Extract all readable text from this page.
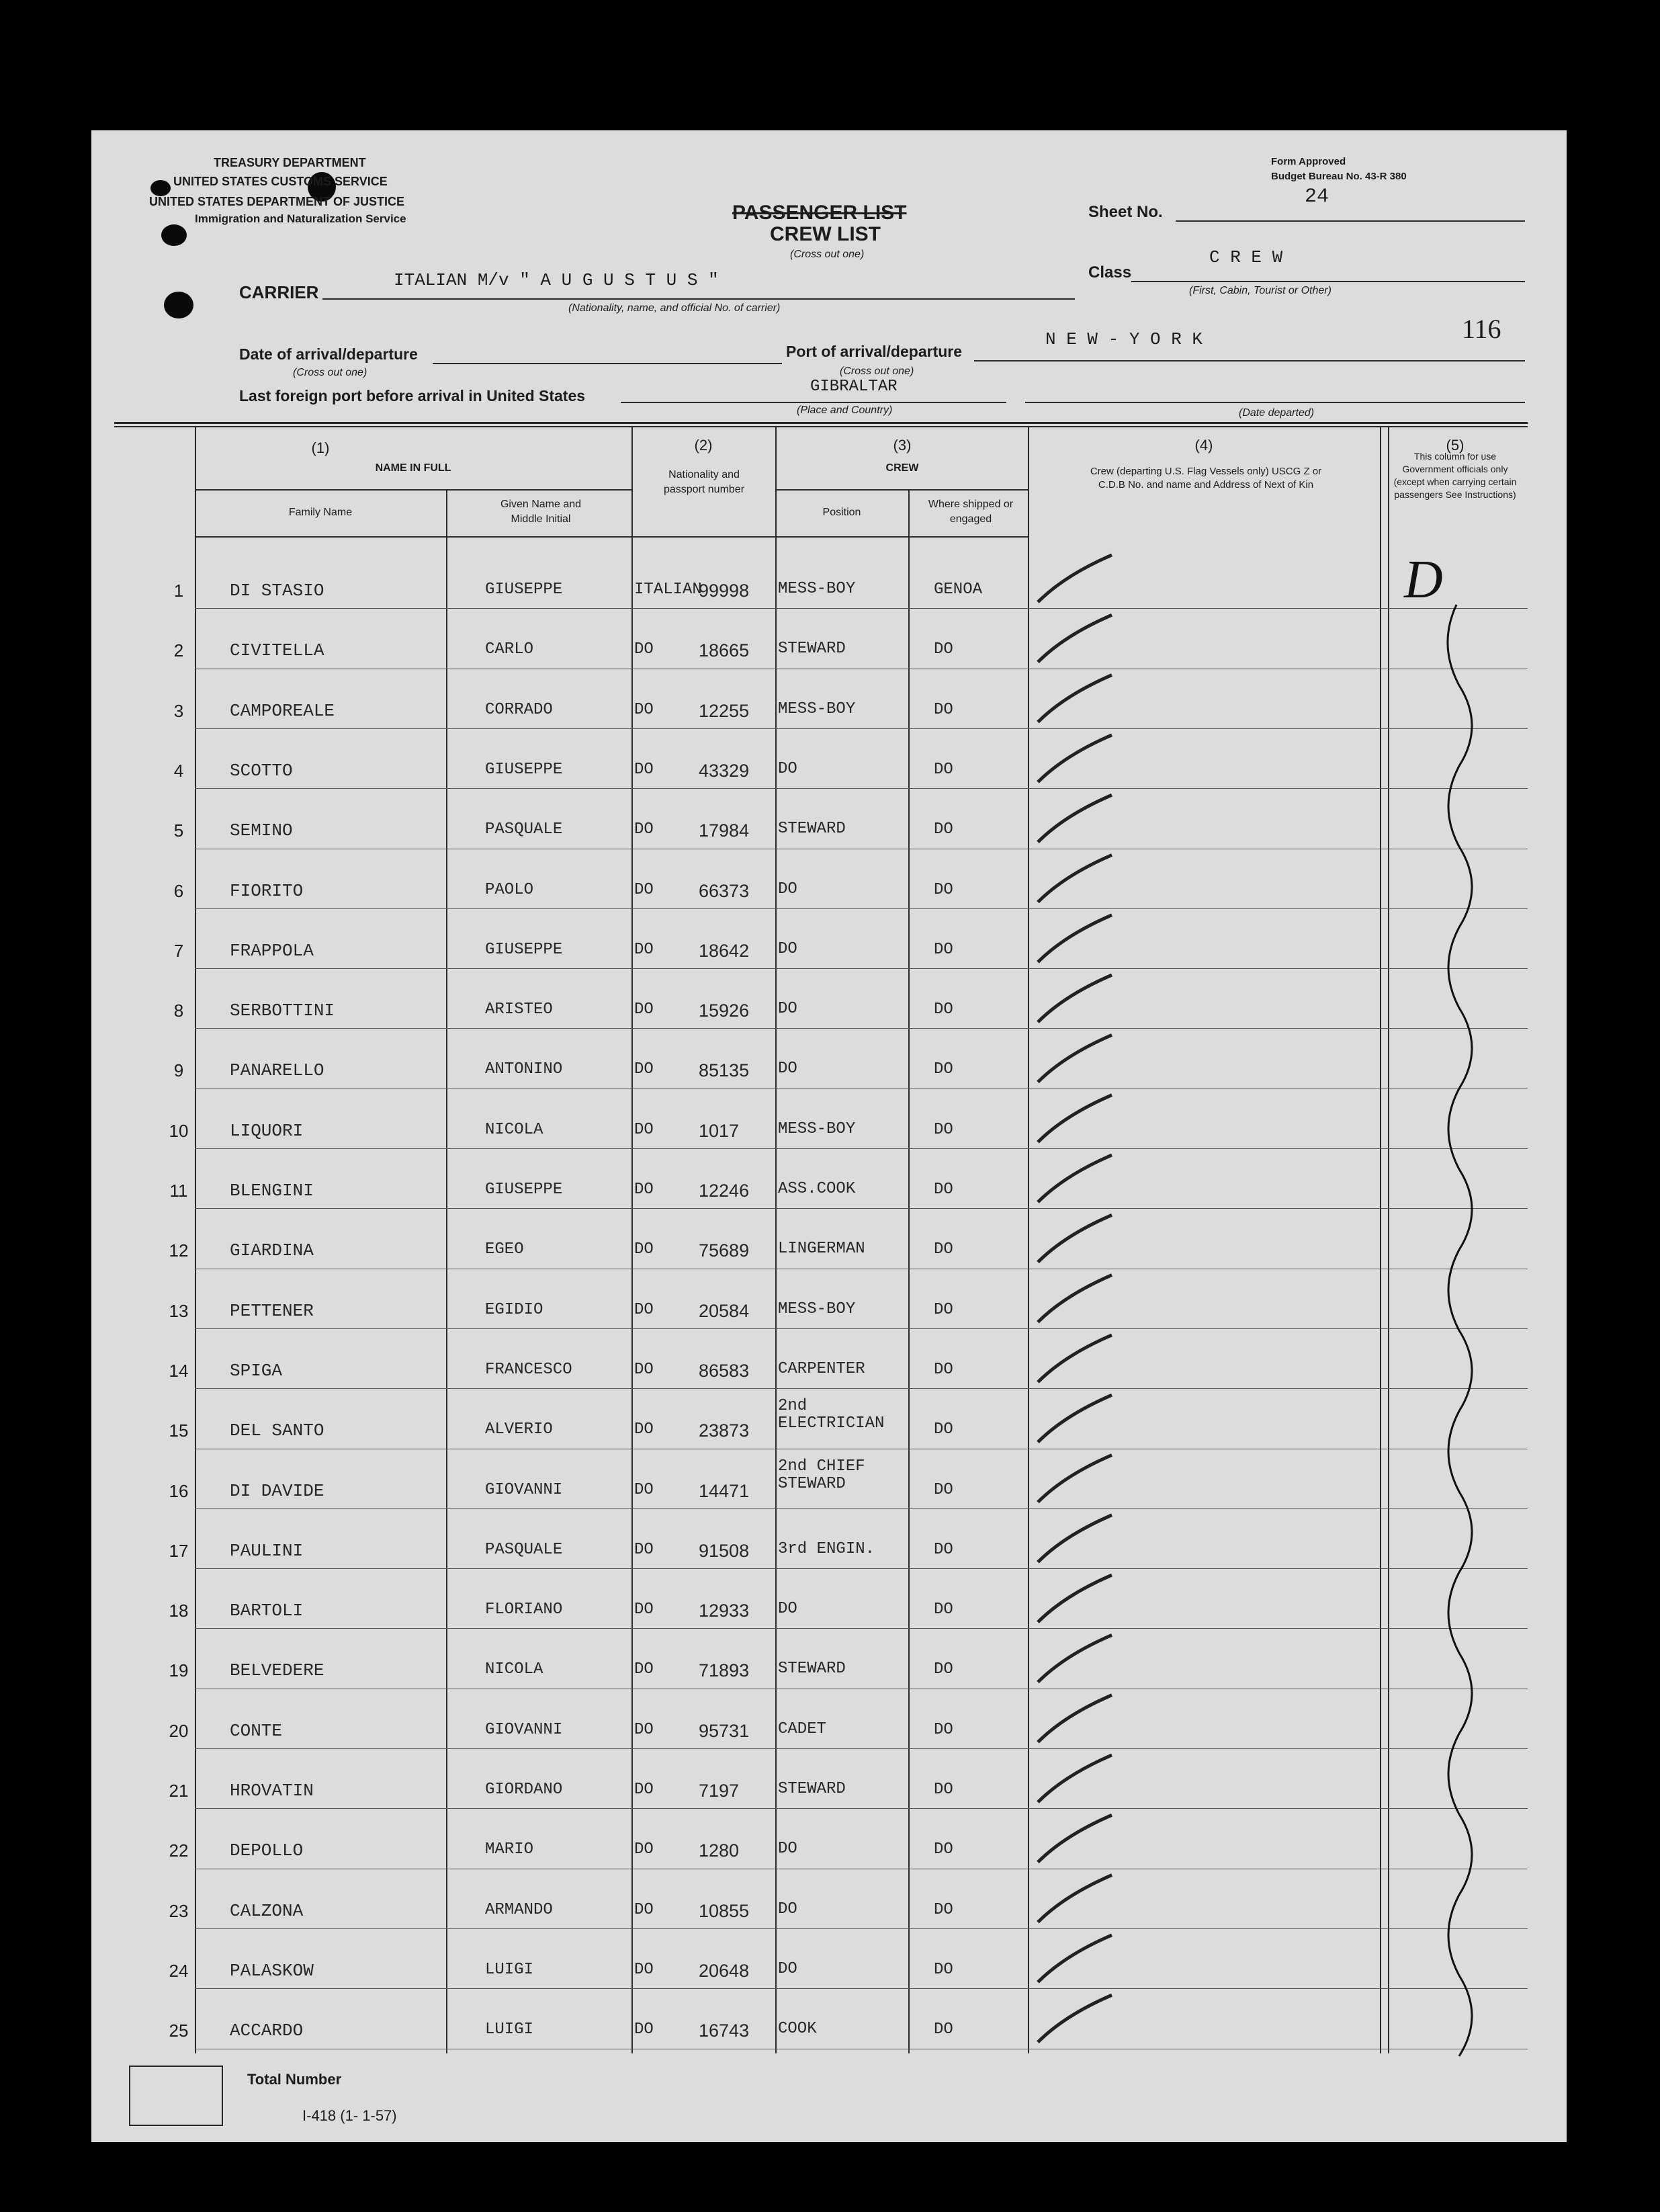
TREASURY DEPARTMENT
UNITED STATES CUSTOMS SERVICE
UNITED STATES DEPARTMENT OF JUSTICE
Immigration and Naturalization Service
Form Approved
Budget Bureau No. 43-R 380
PASSENGER LIST
CREW LIST
(Cross out one)
Sheet No.
24
Class
C R E W
(First, Cabin, Tourist or Other)
CARRIER
ITALIAN M/v " A U G U S T U S "
(Nationality, name, and official No. of carrier)
116
Date of arrival/departure
(Cross out one)
Port of arrival/departure
N E W - Y O R K
(Cross out one)
Last foreign port before arrival in United States	GIBRALTAR
(Place and Country)	(Date departed)
(1)
NAME IN FULL
Family Name
Given Name and Middle Initial
(2)
Nationality and passport number
(3)
CREW
Position
Where shipped or engaged
(4)
Crew (departing U.S. Flag Vessels only) USCG Z or C.D.B No. and name and Address of Next of Kin
(5)
This column for use Government officials only (except when carrying certain passengers See Instructions)
1	DI STASIO	GIUSEPPE	ITALIAN
99998 MESS-BOY	GENOA
2	CIVITELLA	CARLO	DO 18665 STEWARD	DO
3	CAMPOREALE	CORRADO	DO 12255 MESS-BOY	DO
4	SCOTTO	GIUSEPPE	DO 43329 DO	DO
5	SEMINO	PASQUALE	DO 17984 STEWARD	DO
6	FIORITO	PAOLO	DO 66373 DO	DO
7	FRAPPOLA	GIUSEPPE	DO 18642 DO	DO
8	SERBOTTINI	ARISTEO	DO 15926 DO	DO
9	PANARELLO	ANTONINO	DO 85135 DO	DO
10	LIQUORI	NICOLA	DO 1017 MESS-BOY	DO
11	BLENGINI	GIUSEPPE	DO 12246 ASS.COOK	DO
12	GIARDINA	EGEO	DO 75689 LINGERMAN	DO
13	PETTENER	EGIDIO	DO 20584 MESS-BOY	DO
14	SPIGA	FRANCESCO	DO 86583 CARPENTER	DO
15	DEL SANTO	ALVERIO	DO 23873
2nd ELECTRICIAN	DO
16	DI DAVIDE	GIOVANNI	DO 14471
2nd CHIEF STEWARD	DO
17	PAULINI	PASQUALE	DO 91508 3rd ENGIN.	DO
18	BARTOLI	FLORIANO	DO 12933 DO	DO
19	BELVEDERE	NICOLA	DO 71893 STEWARD	DO
20	CONTE	GIOVANNI	DO 95731 CADET	DO
21	HROVATIN	GIORDANO	DO 7197 STEWARD	DO
22	DEPOLLO	MARIO	DO 1280 DO	DO
23	CALZONA	ARMANDO	DO 10855 DO	DO
24	PALASKOW	LUIGI	DO 20648 DO	DO
25	ACCARDO	LUIGI	DO 16743 COOK	DO
Total Number
I-418 (1- 1-57)
D
